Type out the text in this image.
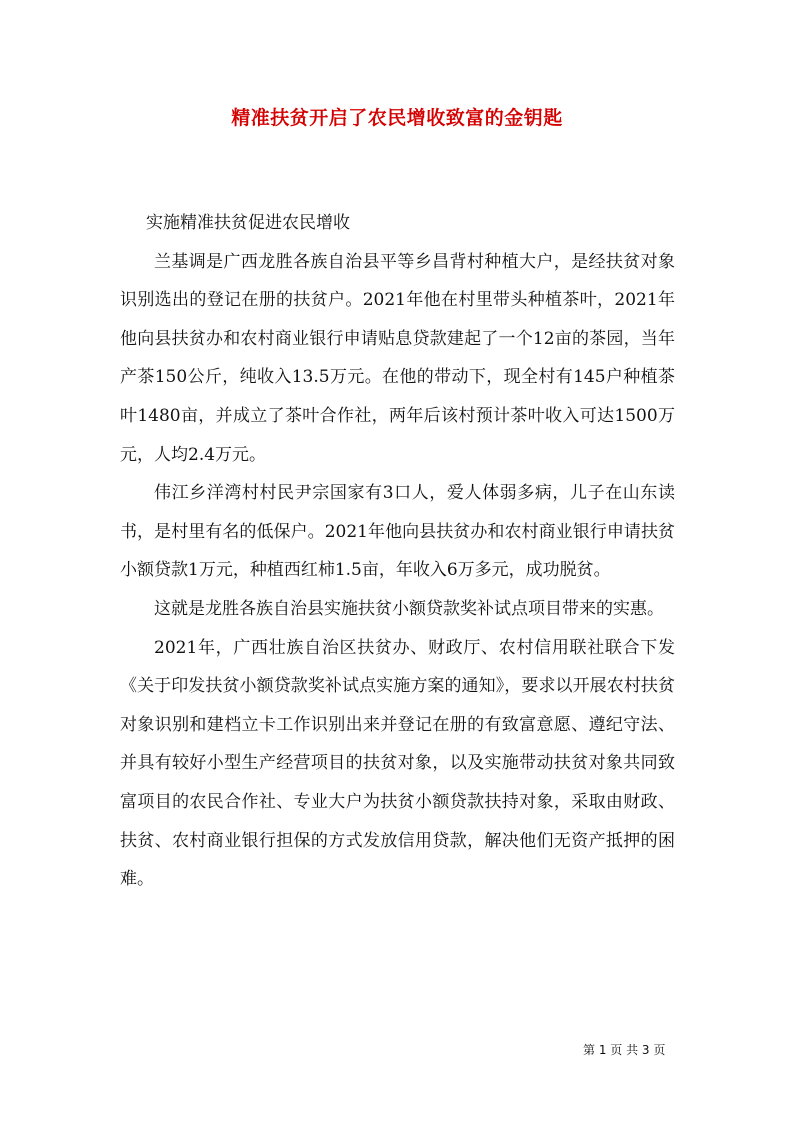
精准扶贫开启了农民增收致富的金钥匙

实施精准扶贫促进农民增收

兰基调是广西龙胜各族自治县平等乡昌背村种植大户，是经扶贫对象识别选出的登记在册的扶贫户。2021年他在村里带头种植茶叶，2021年他向县扶贫办和农村商业银行申请贴息贷款建起了一个12亩的茶园，当年产茶150公斤，纯收入13.5万元。在他的带动下，现全村有145户种植茶叶1480亩，并成立了茶叶合作社，两年后该村预计茶叶收入可达1500万元，人均2.4万元。

伟江乡洋湾村村民尹宗国家有3口人，爱人体弱多病，儿子在山东读书，是村里有名的低保户。2021年他向县扶贫办和农村商业银行申请扶贫小额贷款1万元，种植西红柿1.5亩，年收入6万多元，成功脱贫。

这就是龙胜各族自治县实施扶贫小额贷款奖补试点项目带来的实惠。

2021年，广西壮族自治区扶贫办、财政厅、农村信用联社联合下发《关于印发扶贫小额贷款奖补试点实施方案的通知》，要求以开展农村扶贫对象识别和建档立卡工作识别出来并登记在册的有致富意愿、遵纪守法、并具有较好小型生产经营项目的扶贫对象，以及实施带动扶贫对象共同致富项目的农民合作社、专业大户为扶贫小额贷款扶持对象，采取由财政、扶贫、农村商业银行担保的方式发放信用贷款，解决他们无资产抵押的困难。

第 1 页 共 3 页
